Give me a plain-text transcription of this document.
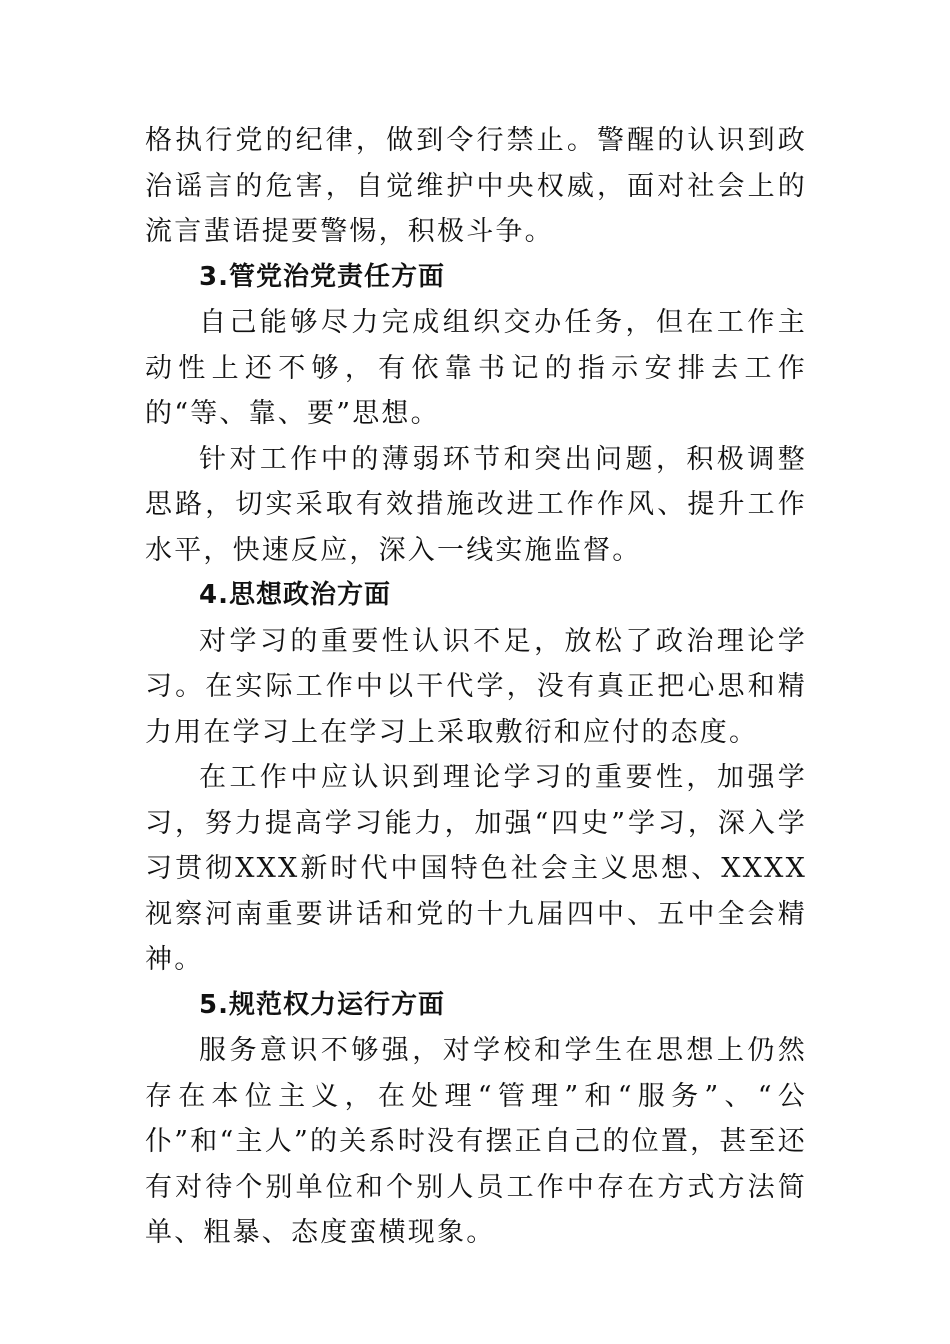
格执行党的纪律，做到令行禁止。警醒的认识到政治谣言的危害，自觉维护中央权威，面对社会上的流言蜚语提要警惕，积极斗争。

3.管党治党责任方面

自己能够尽力完成组织交办任务，但在工作主动性上还不够，有依靠书记的指示安排去工作的“等、靠、要”思想。

针对工作中的薄弱环节和突出问题，积极调整思路，切实采取有效措施改进工作作风、提升工作水平，快速反应，深入一线实施监督。

4.思想政治方面

对学习的重要性认识不足，放松了政治理论学习。在实际工作中以干代学，没有真正把心思和精力用在学习上在学习上采取敷衍和应付的态度。

在工作中应认识到理论学习的重要性，加强学习，努力提高学习能力，加强“四史”学习，深入学习贯彻XXX新时代中国特色社会主义思想、XXXX视察河南重要讲话和党的十九届四中、五中全会精神。

5.规范权力运行方面

服务意识不够强，对学校和学生在思想上仍然存在本位主义，在处理“管理”和“服务”、“公仆”和“主人”的关系时没有摆正自己的位置，甚至还有对待个别单位和个别人员工作中存在方式方法简单、粗暴、态度蛮横现象。
